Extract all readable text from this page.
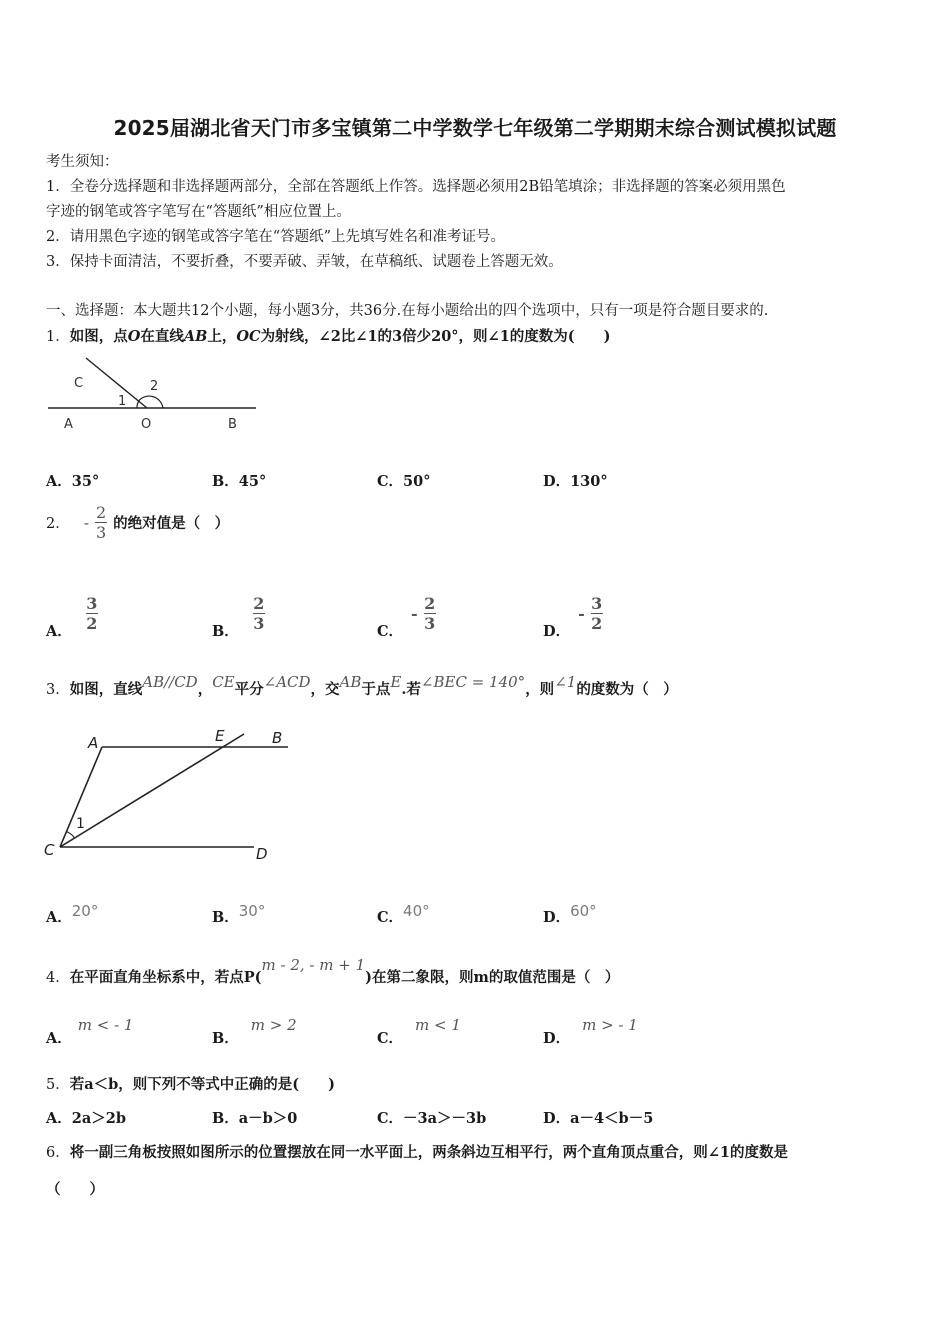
2025届湖北省天门市多宝镇第二中学数学七年级第二学期期末综合测试模拟试题
考生须知：
1．全卷分选择题和非选择题两部分，全部在答题纸上作答。选择题必须用2B铅笔填涂；非选择题的答案必须用黑色
字迹的钢笔或答字笔写在“答题纸”相应位置上。
2．请用黑色字迹的钢笔或答字笔在“答题纸”上先填写姓名和准考证号。
3．保持卡面清洁，不要折叠，不要弄破、弄皱，在草稿纸、试题卷上答题无效。
一、选择题：本大题共12个小题，每小题3分，共36分.在每小题给出的四个选项中，只有一项是符合题目要求的.
1．如图，点O在直线AB上，OC为射线，∠2比∠1的3倍少20°，则∠1的度数为(　　)
C	2
1
A	O	B
A．35°	B．45°	C．50°	D．130°
2． - $\frac{2}{3}$ 的绝对值是（　）
A． $\frac{3}{2}$	B． $\frac{2}{3}$	C．
- $\frac{2}{3}$	D．
- $\frac{3}{2}$
3．如图，直线AB//CD，CE平分∠ACD，交AB于点E.若∠BEC = 140°，则∠1的度数为（　）
A	E	B
1
C	D
A．20°	B．30°	C．40°	D．60°
4．在平面直角坐标系中，若点P(m - 2, - m + 1)在第二象限，则m的取值范围是（　）
A．m < - 1
B．m > 2
C．m < 1
D．m > - 1
5．若a＜b，则下列不等式中正确的是(　　)
A．2a＞2b	B．a－b＞0	C．－3a＞－3b	D．a－4＜b－5
6．将一副三角板按照如图所示的位置摆放在同一水平面上，两条斜边互相平行，两个直角顶点重合，则∠1的度数是
（　　）
